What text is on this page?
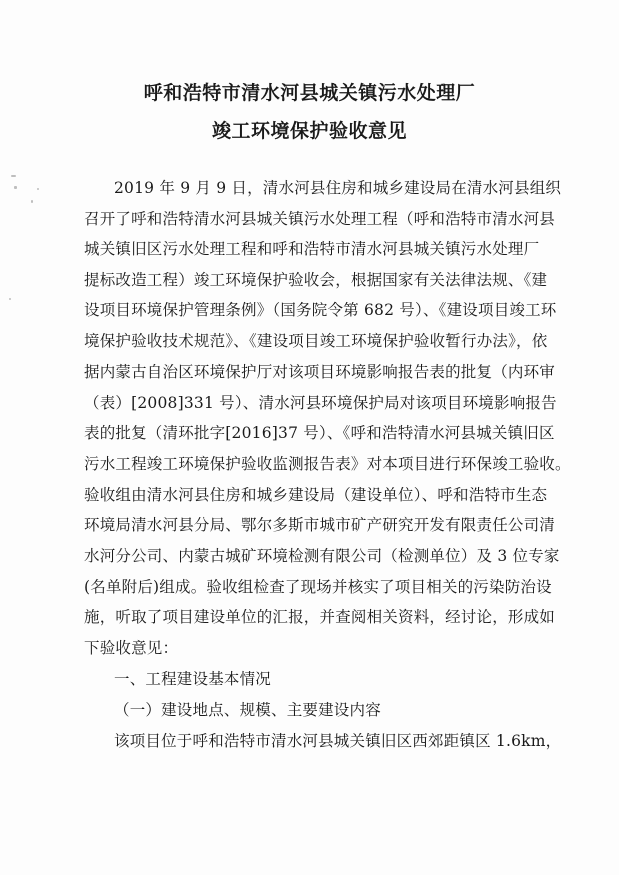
呼和浩特市清水河县城关镇污水处理厂
竣工环境保护验收意见

2019 年 9 月 9 日，清水河县住房和城乡建设局在清水河县组织

召开了呼和浩特清水河县城关镇污水处理工程（呼和浩特市清水河县

城关镇旧区污水处理工程和呼和浩特市清水河县城关镇污水处理厂

提标改造工程）竣工环境保护验收会，根据国家有关法律法规、《建

设项目环境保护管理条例》（国务院令第 682 号）、《建设项目竣工环

境保护验收技术规范》、《建设项目竣工环境保护验收暂行办法》，依

据内蒙古自治区环境保护厅对该项目环境影响报告表的批复（内环审

（表）[2008]331 号）、清水河县环境保护局对该项目环境影响报告

表的批复（清环批字[2016]37 号）、《呼和浩特清水河县城关镇旧区

污水工程竣工环境保护验收监测报告表》对本项目进行环保竣工验收。

验收组由清水河县住房和城乡建设局（建设单位）、呼和浩特市生态

环境局清水河县分局、鄂尔多斯市城市矿产研究开发有限责任公司清

水河分公司、内蒙古城矿环境检测有限公司（检测单位）及 3 位专家

(名单附后)组成。验收组检查了现场并核实了项目相关的污染防治设

施，听取了项目建设单位的汇报，并查阅相关资料，经讨论，形成如

下验收意见：

一、工程建设基本情况

（一）建设地点、规模、主要建设内容

该项目位于呼和浩特市清水河县城关镇旧区西郊距镇区 1.6km，
